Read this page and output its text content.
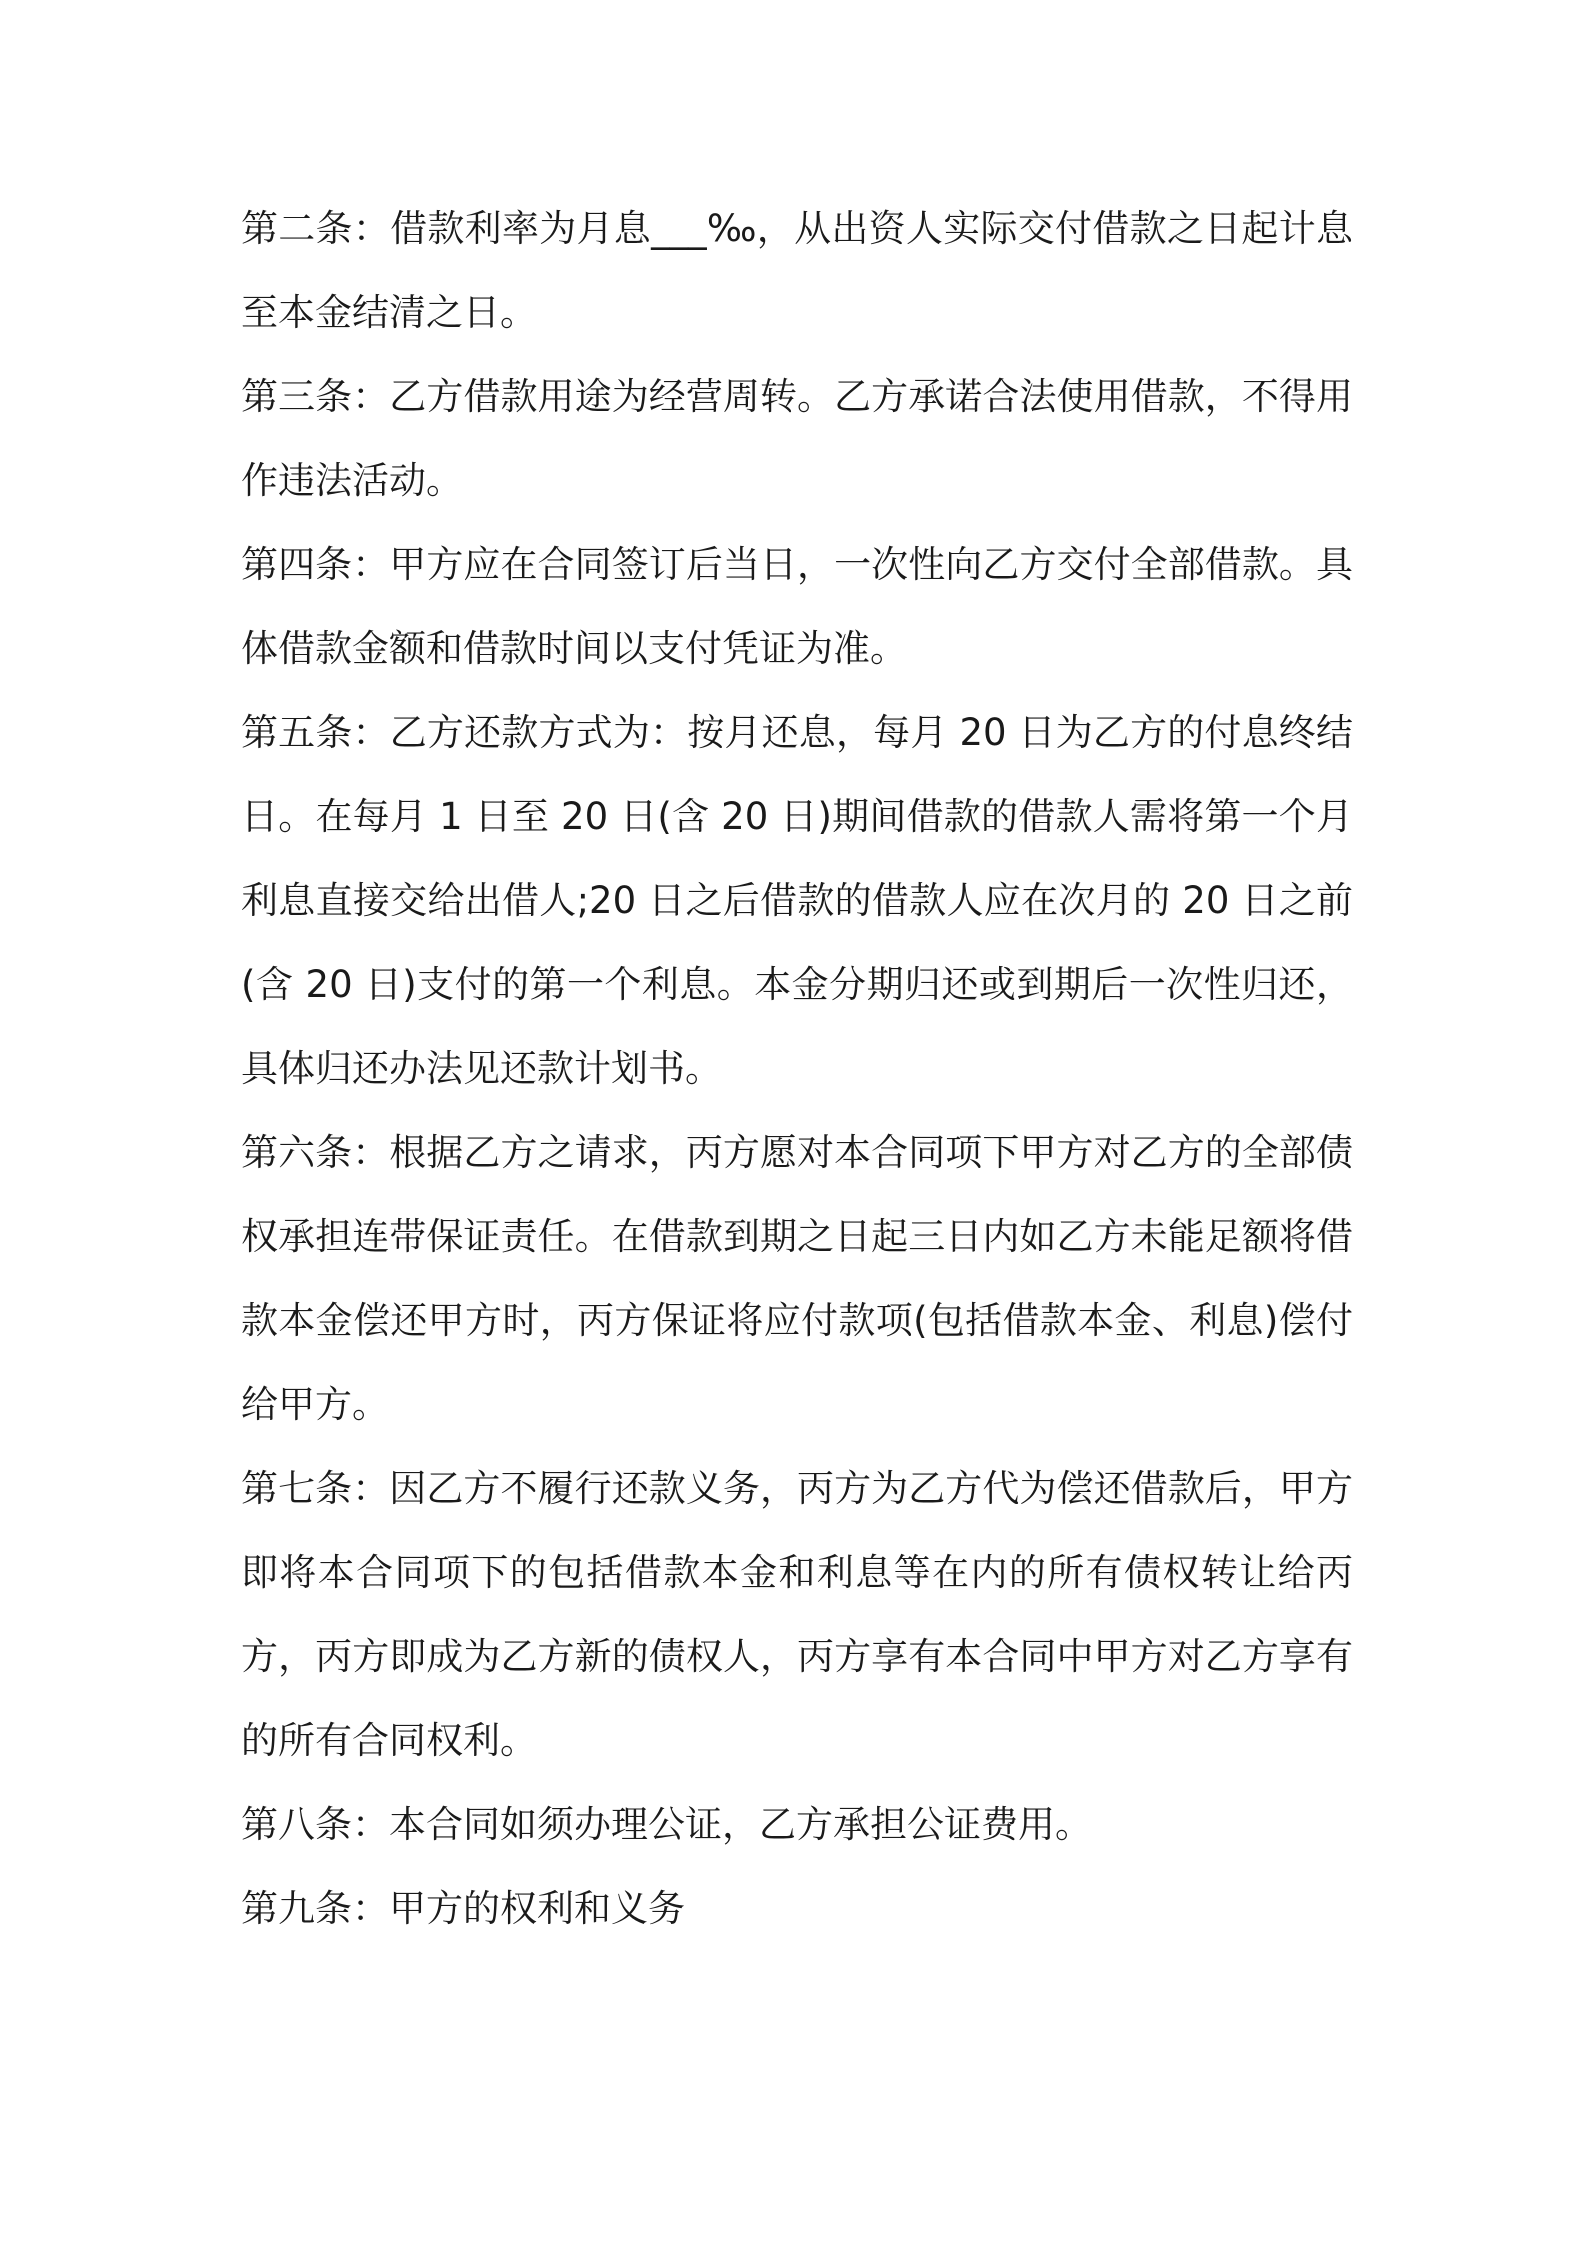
第二条：借款利率为月息___‰，从出资人实际交付借款之日起计息至本金结清之日。

第三条：乙方借款用途为经营周转。乙方承诺合法使用借款，不得用作违法活动。

第四条：甲方应在合同签订后当日，一次性向乙方交付全部借款。具体借款金额和借款时间以支付凭证为准。

第五条：乙方还款方式为：按月还息，每月 20 日为乙方的付息终结日。在每月 1 日至 20 日(含 20 日)期间借款的借款人需将第一个月利息直接交给出借人;20 日之后借款的借款人应在次月的 20 日之前(含 20 日)支付的第一个利息。本金分期归还或到期后一次性归还，具体归还办法见还款计划书。

第六条：根据乙方之请求，丙方愿对本合同项下甲方对乙方的全部债权承担连带保证责任。在借款到期之日起三日内如乙方未能足额将借款本金偿还甲方时，丙方保证将应付款项(包括借款本金、利息)偿付给甲方。

第七条：因乙方不履行还款义务，丙方为乙方代为偿还借款后，甲方即将本合同项下的包括借款本金和利息等在内的所有债权转让给丙方，丙方即成为乙方新的债权人，丙方享有本合同中甲方对乙方享有的所有合同权利。

第八条：本合同如须办理公证，乙方承担公证费用。

第九条：甲方的权利和义务
